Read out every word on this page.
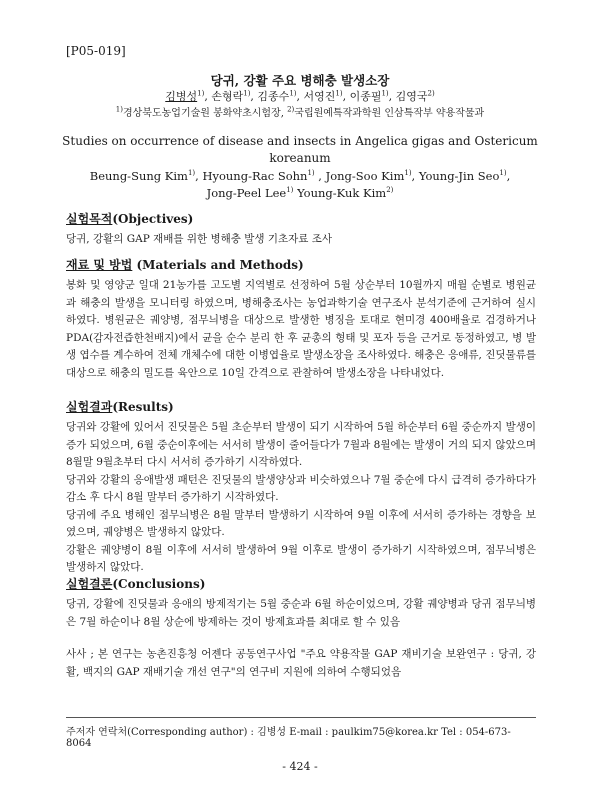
[P05-019]
당귀, 강활 주요 병해충 발생소장
김병성$^{1)}$, 손형락$^{1)}$, 김종수$^{1)}$, 서영진$^{1)}$, 이종필$^{1)}$, 김영국$^{2)}$
$^{1)}$경상북도농업기술원 봉화약초시험장, $^{2)}$국립원예특작과학원 인삼특작부 약용작물과
Studies on occurrence of disease and insects in Angelica gigas and Ostericum
koreanum
Beung-Sung Kim$^{1)}$, Hyoung-Rac Sohn$^{1)}$ , Jong-Soo Kim$^{1)}$, Young-Jin Seo$^{1)}$,
Jong-Peel Lee$^{1)}$ Young-Kuk Kim$^{2)}$
실험목적(Objectives)
당귀, 강활의 GAP 재배를 위한 병해충 발생 기초자료 조사
재료 및 방법 (Materials and Methods)
봉화 및 영양군 일대 21농가를 고도별 지역별로 선정하여 5월 상순부터 10월까지 매월 순별로 병원균과 해충의 발생을 모니터링 하였으며, 병해충조사는 농업과학기술 연구조사 분석기준에 근거하여 실시하였다. 병원균은 궤양병, 점무늬병을 대상으로 발생한 병징을 토대로 현미경 400배율로 검경하거나 PDA(감자전즙한천배지)에서 균을 순수 분리 한 후 균총의 형태 및 포자 등을 근거로 동정하였고, 병 발생 엽수를 계수하여 전체 개체수에 대한 이병엽율로 발생소장을 조사하였다. 해충은 응애류, 진딧물류를 대상으로 해충의 밀도를 육안으로 10일 간격으로 관찰하여 발생소장을 나타내었다.
실험결과(Results)

당귀와 강활에 있어서 진딧물은 5월 초순부터 발생이 되기 시작하여 5월 하순부터 6월 중순까지 발생이 증가 되었으며, 6월 중순이후에는 서서히 발생이 줄어들다가 7월과 8월에는 발생이 거의 되지 않았으며 8월말 9월초부터 다시 서서히 증가하기 시작하였다.

당귀와 강활의 응애발생 패턴은 진딧물의 발생양상과 비슷하였으나 7월 중순에 다시 급격히 증가하다가 감소 후 다시 8월 말부터 증가하기 시작하였다.

당귀에 주요 병해인 점무늬병은 8월 말부터 발생하기 시작하여 9월 이후에 서서히 증가하는 경향을 보였으며, 궤양병은 발생하지 않았다.

강활은 궤양병이 8월 이후에 서서히 발생하여 9월 이후로 발생이 증가하기 시작하였으며, 점무늬병은 발생하지 않았다.

실험결론(Conclusions)
당귀, 강활에 진딧물과 응애의 방제적기는 5월 중순과 6월 하순이었으며, 강활 궤양병과 당귀 점무늬병은 7월 하순이나 8월 상순에 방제하는 것이 방제효과를 최대로 할 수 있음
사사 ; 본 연구는 농촌진흥청 어젠다 공동연구사업 "주요 약용작물 GAP 재비기술 보완연구 : 당귀, 강활, 백지의 GAP 재배기술 개선 연구"의 연구비 지원에 의하여 수행되었음
주저자 연락처(Corresponding author) : 김병성 E-mail : paulkim75@korea.kr Tel : 054-673-8064
- 424 -
